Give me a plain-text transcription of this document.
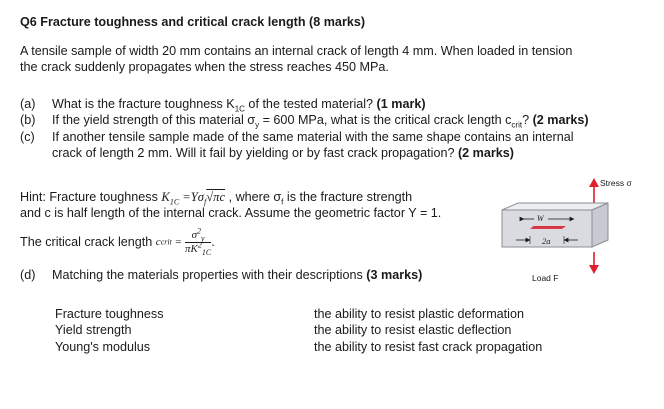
Q6 Fracture toughness and critical crack length (8 marks)
A tensile sample of width 20 mm contains an internal crack of length 4 mm. When loaded in tension
the crack suddenly propagates when the stress reaches 450 MPa.
(a) What is the fracture toughness $K_{1C}$ of the tested material? (1 mark)
(b) If the yield strength of this material $\sigma_y = 600$ MPa, what is the critical crack length $c_{crit}$? (2 marks)
(c) If another tensile sample made of the same material with the same shape contains an internal
crack of length 2 mm. Will it fail by yielding or by fast crack propagation? (2 marks)
Hint: Fracture toughness $K_{1C} =Y\sigma_f√\pi c$ , where $\sigma_f$ is the fracture strength
and c is half length of the internal crack. Assume the geometric factor Y = 1.
The critical crack length ccrit = $\frac{\sigma^2_y}{\pi K^2_{1C}}$ .
(d) Matching the materials properties with their descriptions (3 marks)
Fracture toughness
Yield strength
Young's modulus
the ability to resist plastic deformation
the ability to resist elastic deflection
the ability to resist fast crack propagation
Stress σ
W
2a
Load F
